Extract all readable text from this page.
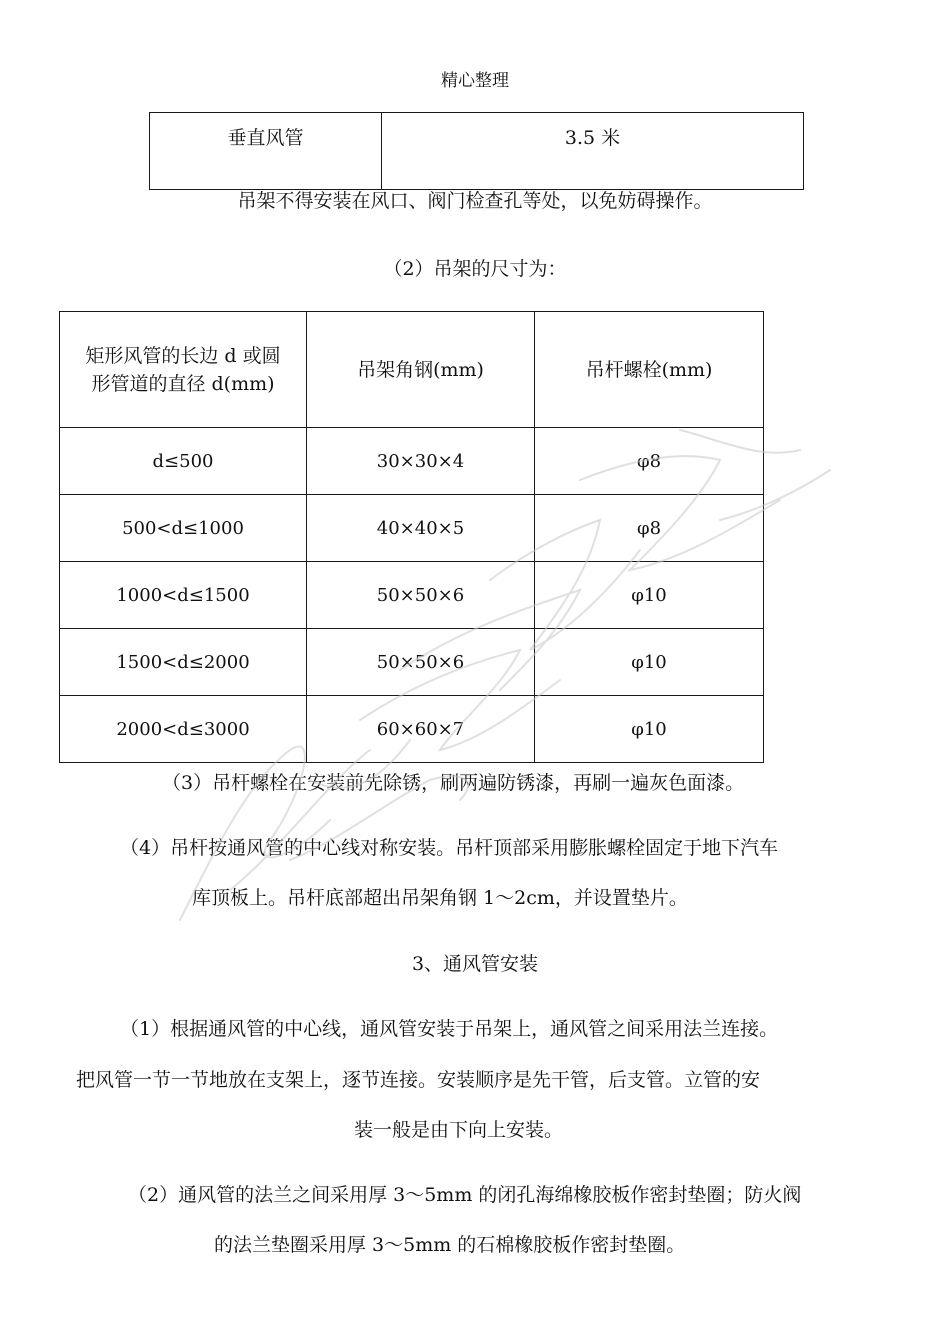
精心整理
垂直风管	3.5 米
吊架不得安装在风口、阀门检查孔等处，以免妨碍操作。
（2）吊架的尺寸为：
矩形风管的长边 d 或圆
形管道的直径 d(mm)	吊架角钢(mm)	吊杆螺栓(mm)
d≤500	30×30×4	φ8
500<d≤1000	40×40×5	φ8
1000<d≤1500	50×50×6	φ10
1500<d≤2000	50×50×6	φ10
2000<d≤3000	60×60×7	φ10
（3）吊杆螺栓在安装前先除锈，刷两遍防锈漆，再刷一遍灰色面漆。
（4）吊杆按通风管的中心线对称安装。吊杆顶部采用膨胀螺栓固定于地下汽车
库顶板上。吊杆底部超出吊架角钢 1～2cm，并设置垫片。
3、通风管安装
（1）根据通风管的中心线，通风管安装于吊架上，通风管之间采用法兰连接。
把风管一节一节地放在支架上，逐节连接。安装顺序是先干管，后支管。立管的安
装一般是由下向上安装。
（2）通风管的法兰之间采用厚 3～5mm 的闭孔海绵橡胶板作密封垫圈；防火阀
的法兰垫圈采用厚 3～5mm 的石棉橡胶板作密封垫圈。
